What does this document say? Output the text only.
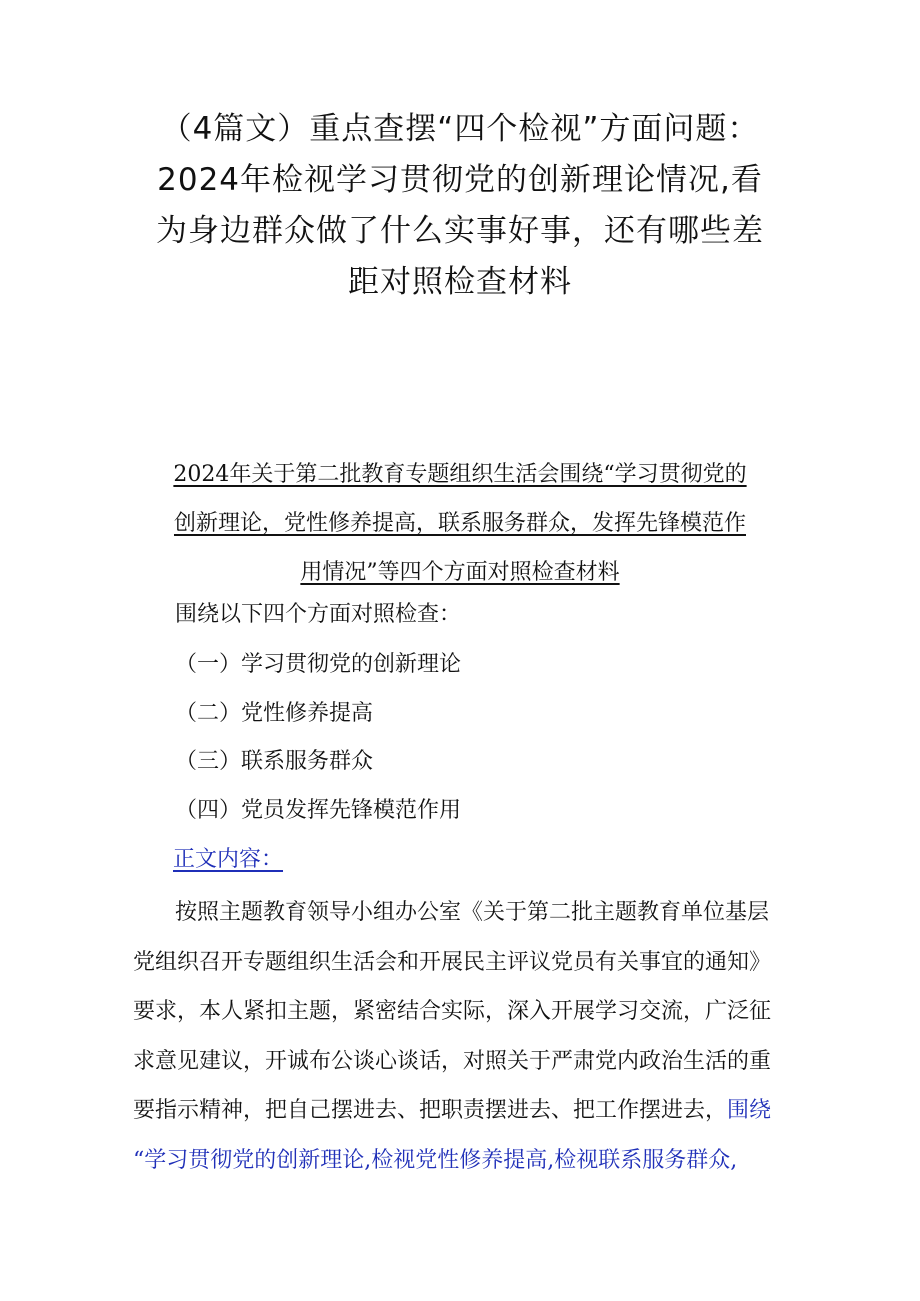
（4篇文）重点查摆“四个检视”方面问题：
2024年检视学习贯彻党的创新理论情况,看
为身边群众做了什么实事好事，还有哪些差
距对照检查材料
2024年关于第二批教育专题组织生活会围绕“学习贯彻党的
创新理论，党性修养提高，联系服务群众，发挥先锋模范作
用情况”等四个方面对照检查材料
围绕以下四个方面对照检查：
（一）学习贯彻党的创新理论
（二）党性修养提高
（三）联系服务群众
（四）党员发挥先锋模范作用
正文内容：
按照主题教育领导小组办公室《关于第二批主题教育单位基层
党组织召开专题组织生活会和开展民主评议党员有关事宜的通知》
要求，本人紧扣主题，紧密结合实际，深入开展学习交流，广泛征
求意见建议，开诚布公谈心谈话，对照关于严肃党内政治生活的重
要指示精神，把自己摆进去、把职责摆进去、把工作摆进去，围绕
“学习贯彻党的创新理论,检视党性修养提高,检视联系服务群众,
